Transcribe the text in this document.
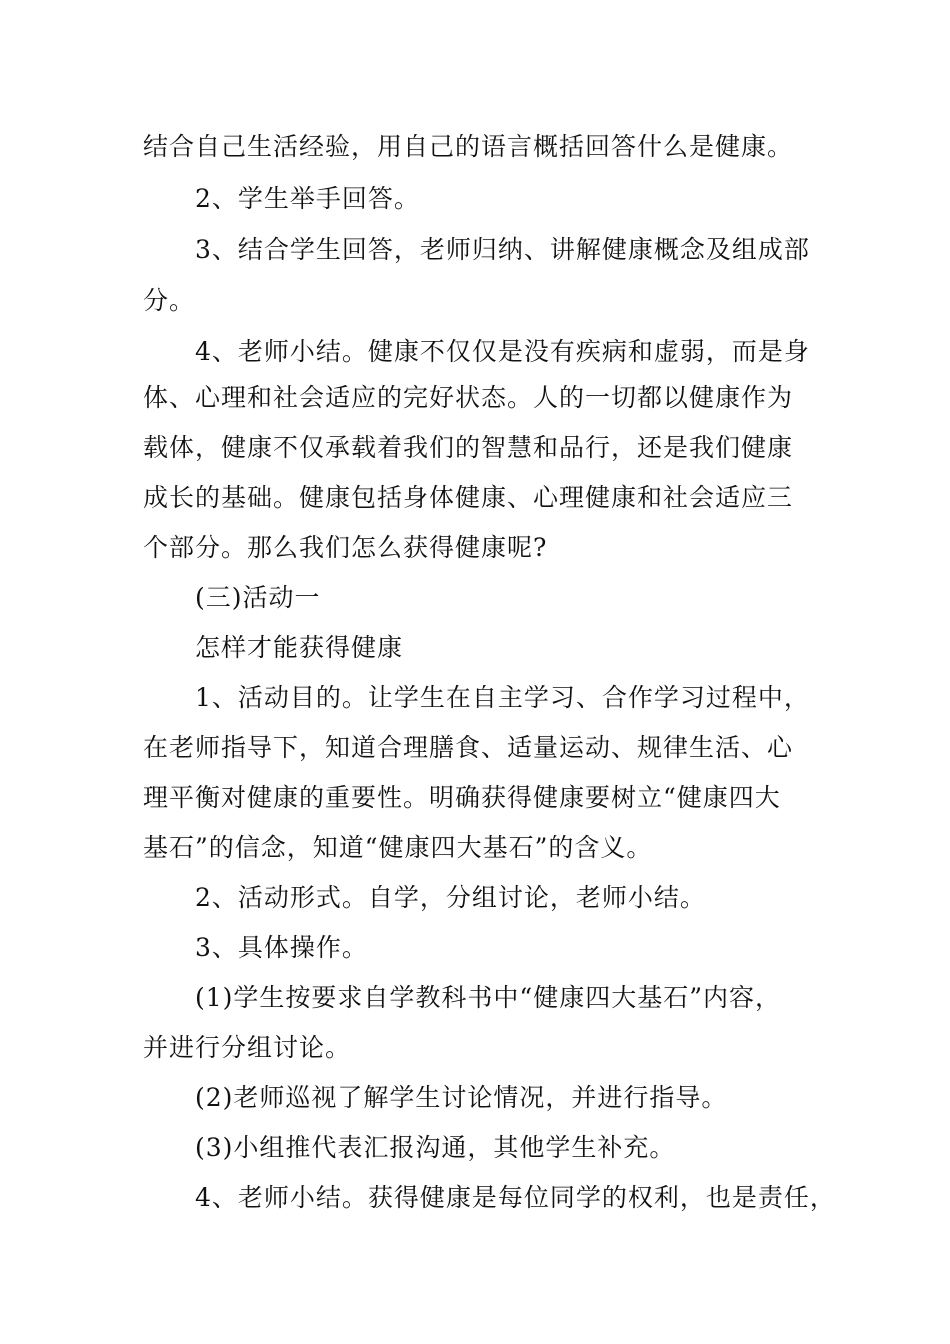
结合自己生活经验，用自己的语言概括回答什么是健康。
2、学生举手回答。
3、结合学生回答，老师归纳、讲解健康概念及组成部
分。
4、老师小结。健康不仅仅是没有疾病和虚弱，而是身
体、心理和社会适应的完好状态。人的一切都以健康作为
载体，健康不仅承载着我们的智慧和品行，还是我们健康
成长的基础。健康包括身体健康、心理健康和社会适应三
个部分。那么我们怎么获得健康呢?
(三)活动一
怎样才能获得健康
1、活动目的。让学生在自主学习、合作学习过程中，
在老师指导下，知道合理膳食、适量运动、规律生活、心
理平衡对健康的重要性。明确获得健康要树立“健康四大
基石”的信念，知道“健康四大基石”的含义。
2、活动形式。自学，分组讨论，老师小结。
3、具体操作。
(1)学生按要求自学教科书中“健康四大基石”内容，
并进行分组讨论。
(2)老师巡视了解学生讨论情况，并进行指导。
(3)小组推代表汇报沟通，其他学生补充。
4、老师小结。获得健康是每位同学的权利，也是责任，
